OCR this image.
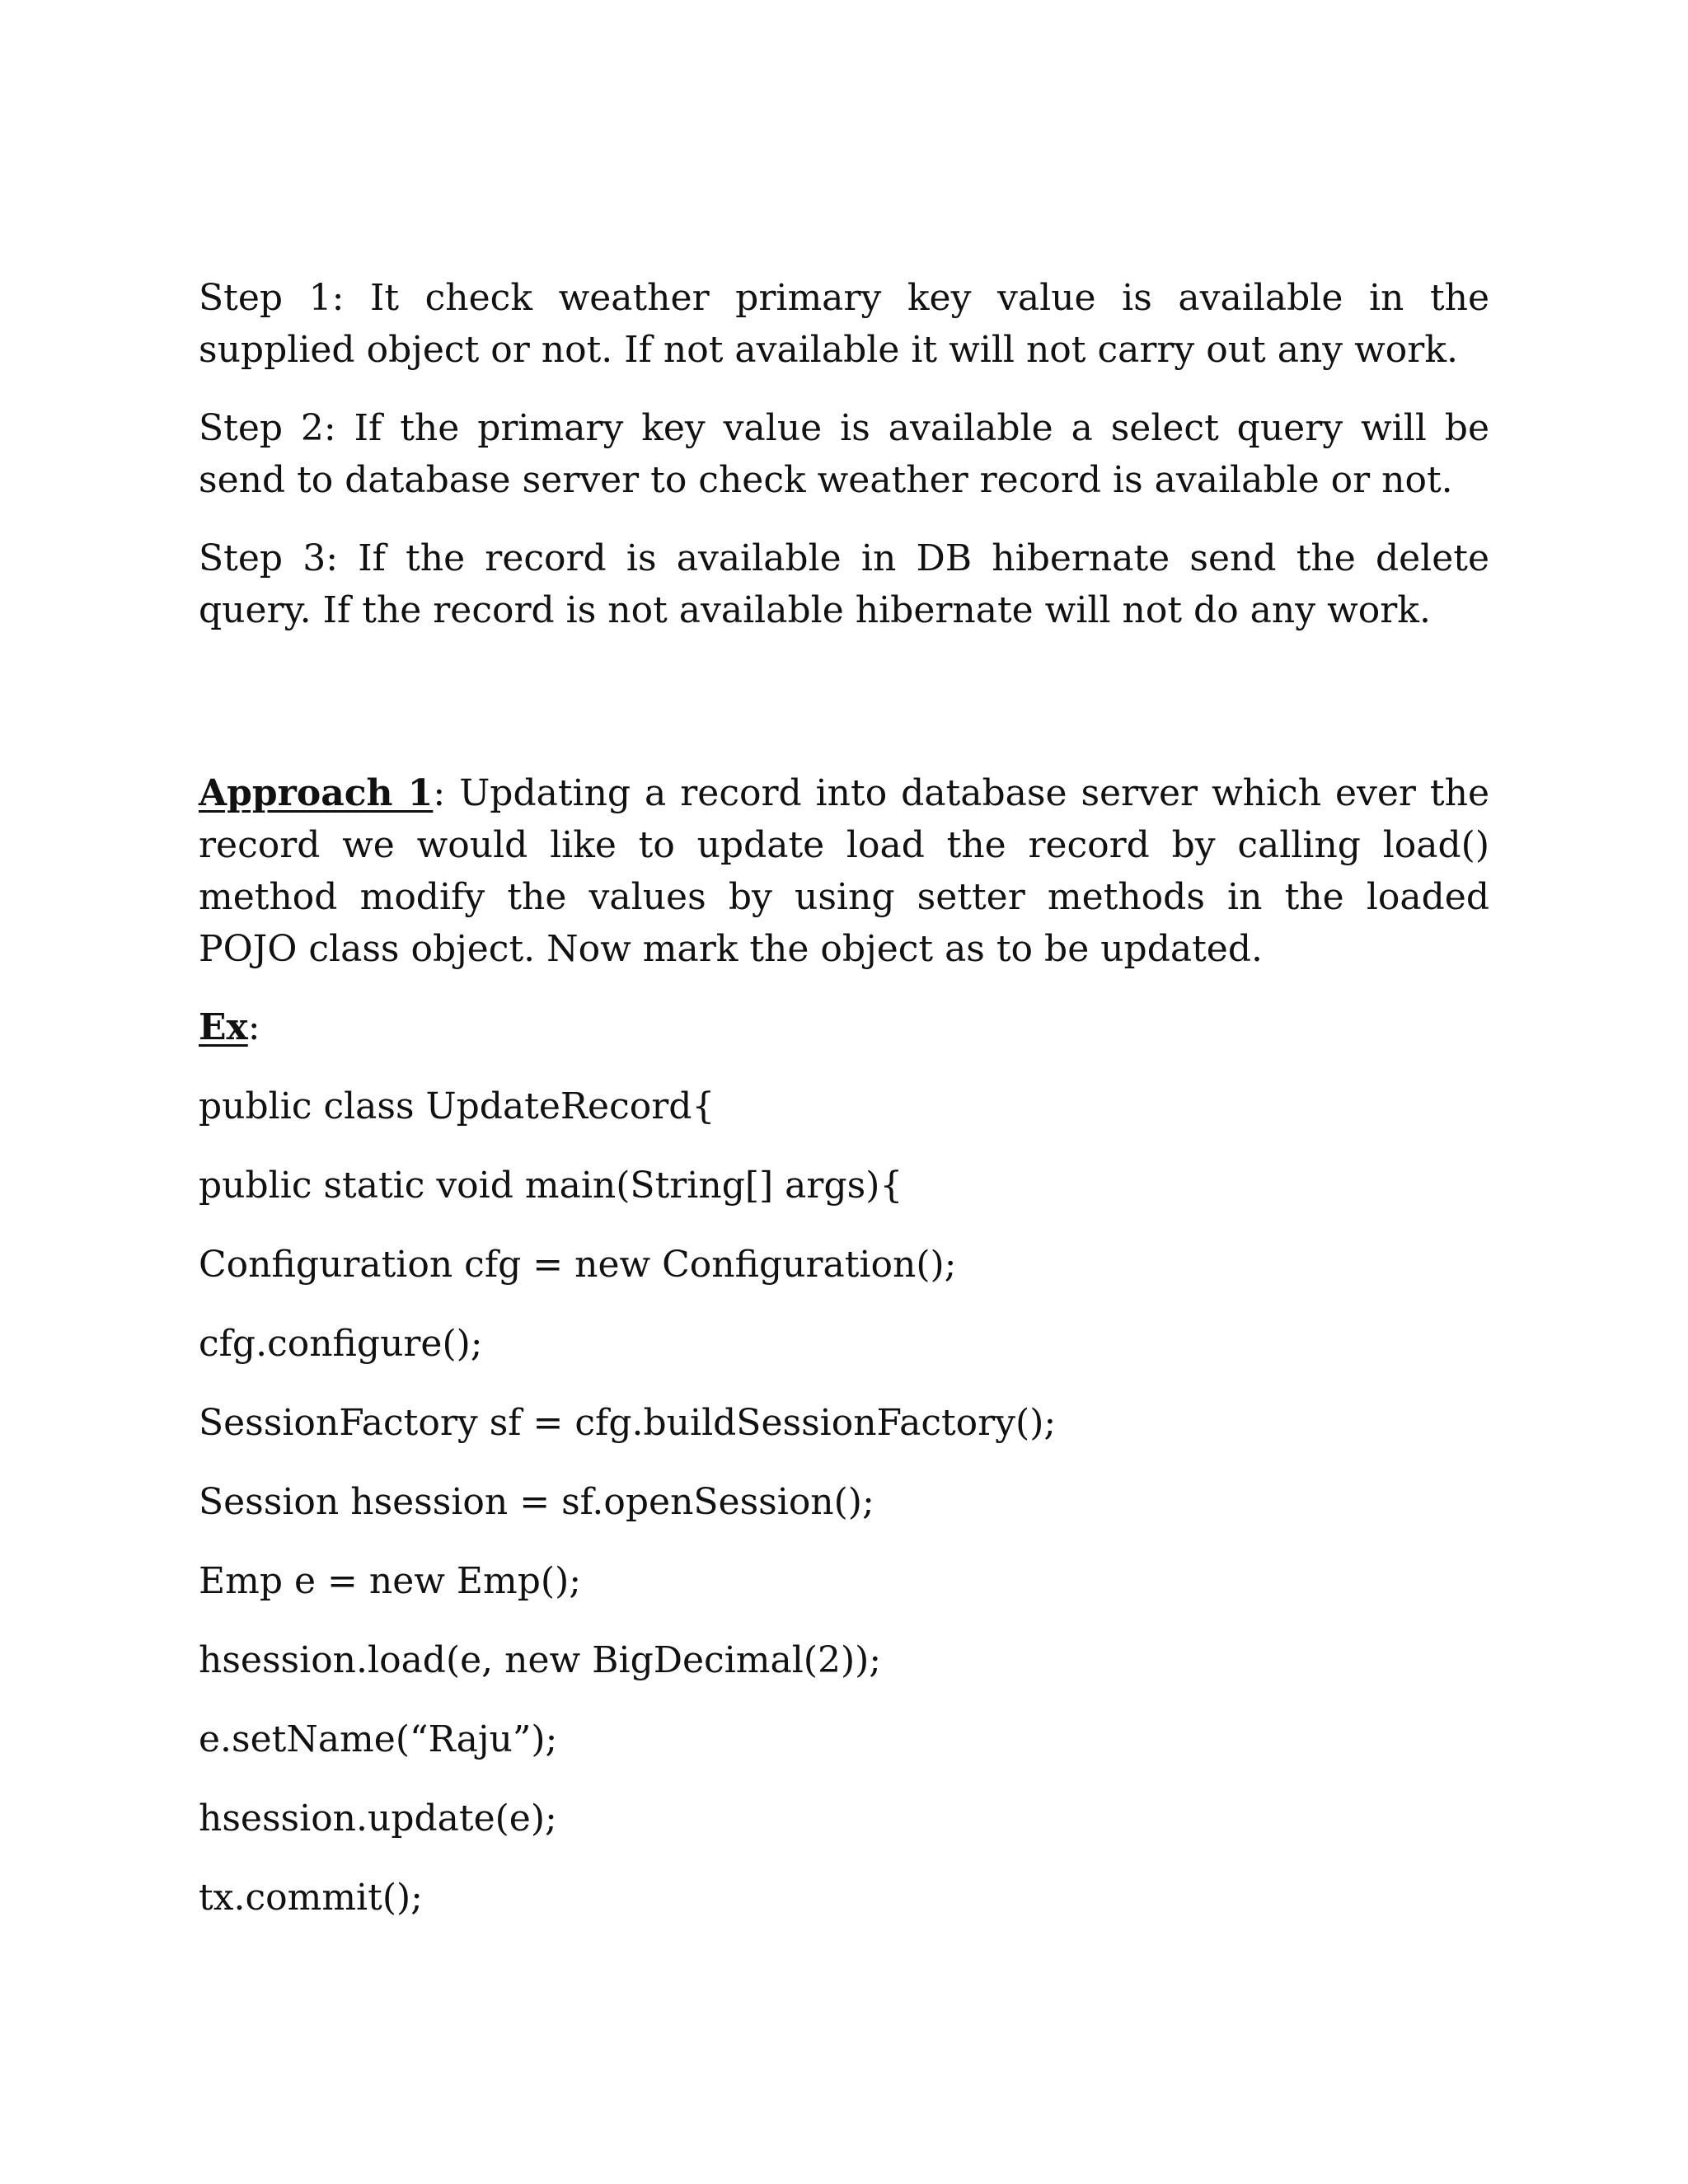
Step 1: It check weather primary key value is available in the supplied object or not. If not available it will not carry out any work.

Step 2: If the primary key value is available a select query will be send to database server to check weather record is available or not.

Step 3: If the record is available in DB hibernate send the delete query. If the record is not available hibernate will not do any work.

Approach 1: Updating a record into database server which ever the record we would like to update load the record by calling load() method modify the values by using setter methods in the loaded POJO class object. Now mark the object as to be updated.

Ex:

public class UpdateRecord{

public static void main(String[] args){

Configuration cfg = new Configuration();

cfg.configure();

SessionFactory sf = cfg.buildSessionFactory();

Session hsession = sf.openSession();

Emp e = new Emp();

hsession.load(e, new BigDecimal(2));

e.setName(“Raju”);

hsession.update(e);

tx.commit();
